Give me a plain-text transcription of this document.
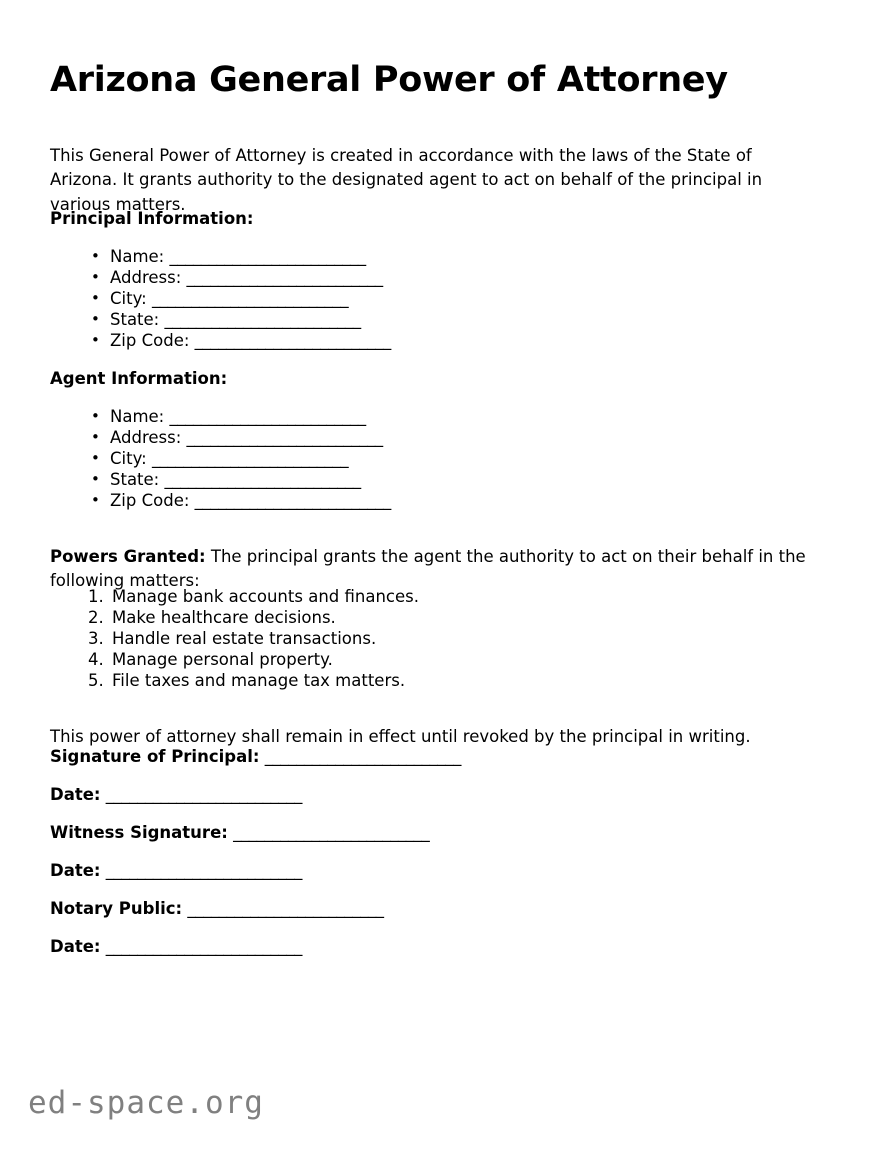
Arizona General Power of Attorney

This General Power of Attorney is created in accordance with the laws of the State of Arizona. It grants authority to the designated agent to act on behalf of the principal in various matters.

Principal Information:
• Name: _________________________
• Address: _________________________
• City: _________________________
• State: _________________________
• Zip Code: _________________________
Agent Information:
• Name: _________________________
• Address: _________________________
• City: _________________________
• State: _________________________
• Zip Code: _________________________

Powers Granted: The principal grants the agent the authority to act on their behalf in the following matters:

Manage bank accounts and finances.
Make healthcare decisions.
Handle real estate transactions.
Manage personal property.
File taxes and manage tax matters.

This power of attorney shall remain in effect until revoked by the principal in writing.

Signature of Principal: _________________________
Date: _________________________
Witness Signature: _________________________
Date: _________________________
Notary Public: _________________________
Date: _________________________
ed-space.org
